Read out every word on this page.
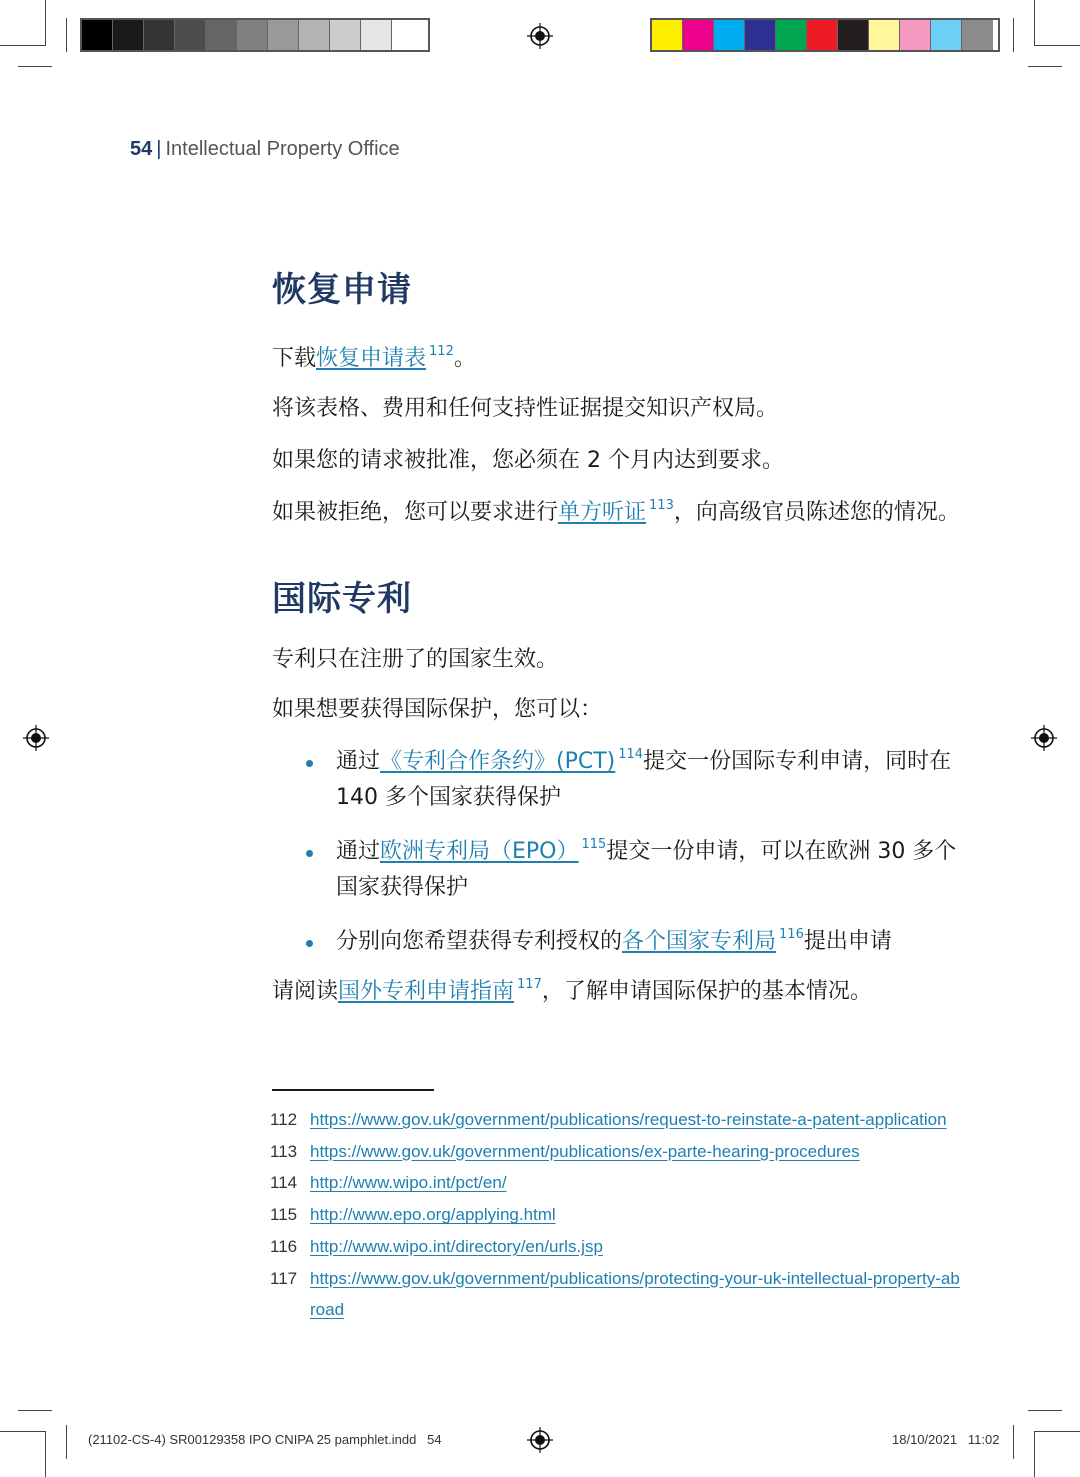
54 | Intellectual Property Office
恢复申请

下载恢复申请表 $^{112}$。

将该表格、费用和任何支持性证据提交知识产权局。

如果您的请求被批准，您必须在 2 个月内达到要求。

如果被拒绝，您可以要求进行单方听证 $^{113}$，向高级官员陈述您的情况。

国际专利

专利只在注册了的国家生效。

如果想要获得国际保护，您可以：

通过《专利合作条约》(PCT) $^{114}$提交一份国际专利申请，同时在 140 多个国家获得保护
通过欧洲专利局（EPO） $^{115}$提交一份申请，可以在欧洲 30 多个国家获得保护
分别向您希望获得专利授权的各个国家专利局 $^{116}$提出申请

请阅读国外专利申请指南 $^{117}$，了解申请国际保护的基本情况。

112 https://www.gov.uk/government/publications/request-to-reinstate-a-patent-application
113 https://www.gov.uk/government/publications/ex-parte-hearing-procedures
114 http://www.wipo.int/pct/en/
115 http://www.epo.org/applying.html
116 http://www.wipo.int/directory/en/urls.jsp
117 https://www.gov.uk/government/publications/protecting-your-uk-intellectual-property-abroad
(21102-CS-4) SR00129358 IPO CNIPA 25 pamphlet.indd 54	18/10/2021 11:02
